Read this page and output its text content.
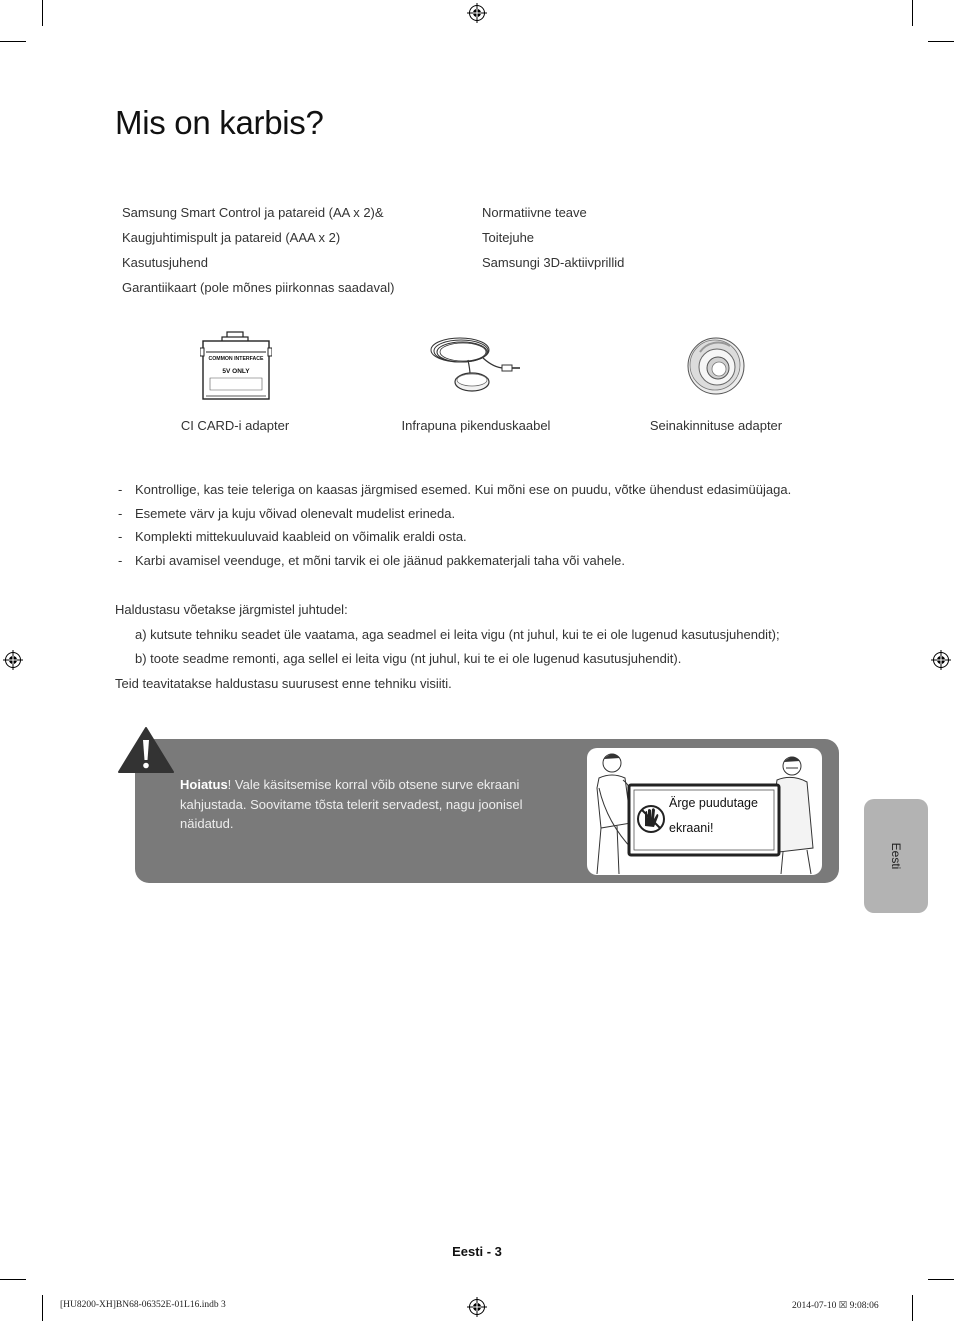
Mis on karbis?
Samsung Smart Control ja patareid (AA x 2)&
Kaugjuhtimispult ja patareid (AAA x 2)
Kasutusjuhend
Garantiikaart (pole mõnes piirkonnas saadaval)
Normatiivne teave
Toitejuhe
Samsungi 3D-aktiivprillid
COMMON INTERFACE
5V ONLY
CI CARD-i adapter	Infrapuna pikenduskaabel	Seinakinnituse adapter
- Kontrollige, kas teie teleriga on kaasas järgmised esemed. Kui mõni ese on puudu, võtke ühendust edasimüüjaga.
- Esemete värv ja kuju võivad olenevalt mudelist erineda.
- Komplekti mittekuuluvaid kaableid on võimalik eraldi osta.
- Karbi avamisel veenduge, et mõni tarvik ei ole jäänud pakkematerjali taha või vahele.
Haldustasu võetakse järgmistel juhtudel:
a) kutsute tehniku seadet üle vaatama, aga seadmel ei leita vigu (nt juhul, kui te ei ole lugenud kasutusjuhendit);
b) toote seadme remonti, aga sellel ei leita vigu (nt juhul, kui te ei ole lugenud kasutusjuhendit).
Teid teavitatakse haldustasu suurusest enne tehniku visiiti.
Hoiatus! Vale käsitsemise korral võib otsene surve ekraani kahjustada. Soovitame tõsta telerit servadest, nagu joonisel näidatud.
Ärge puudutage
ekraani!
Eesti
Eesti - 3
[HU8200-XH]BN68-06352E-01L16.indb 3	2014-07-10 ☒ 9:08:06
